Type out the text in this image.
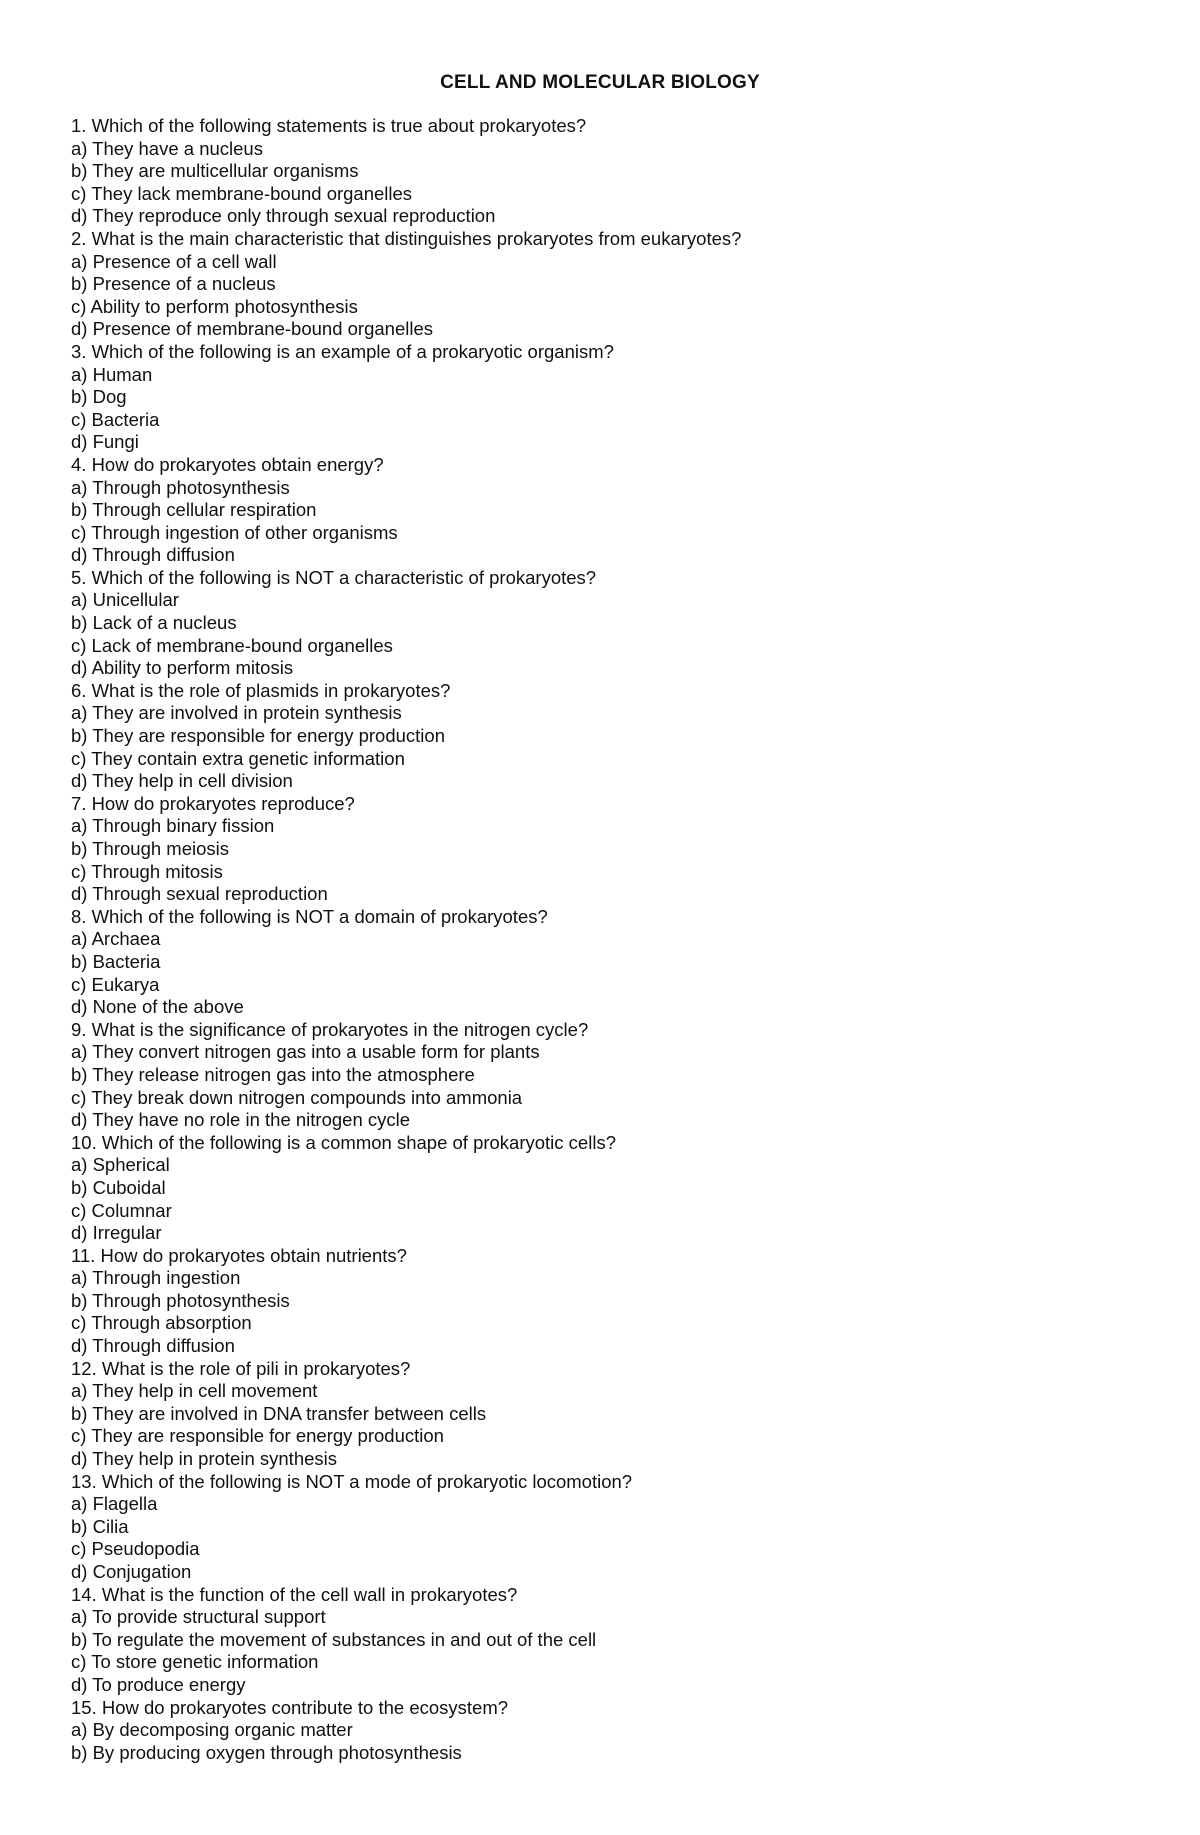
CELL AND MOLECULAR BIOLOGY
1. Which of the following statements is true about prokaryotes?
a) They have a nucleus
b) They are multicellular organisms
c) They lack membrane-bound organelles
d) They reproduce only through sexual reproduction
2. What is the main characteristic that distinguishes prokaryotes from eukaryotes?
a) Presence of a cell wall
b) Presence of a nucleus
c) Ability to perform photosynthesis
d) Presence of membrane-bound organelles
3. Which of the following is an example of a prokaryotic organism?
a) Human
b) Dog
c) Bacteria
d) Fungi
4. How do prokaryotes obtain energy?
a) Through photosynthesis
b) Through cellular respiration
c) Through ingestion of other organisms
d) Through diffusion
5. Which of the following is NOT a characteristic of prokaryotes?
a) Unicellular
b) Lack of a nucleus
c) Lack of membrane-bound organelles
d) Ability to perform mitosis
6. What is the role of plasmids in prokaryotes?
a) They are involved in protein synthesis
b) They are responsible for energy production
c) They contain extra genetic information
d) They help in cell division
7. How do prokaryotes reproduce?
a) Through binary fission
b) Through meiosis
c) Through mitosis
d) Through sexual reproduction
8. Which of the following is NOT a domain of prokaryotes?
a) Archaea
b) Bacteria
c) Eukarya
d) None of the above
9. What is the significance of prokaryotes in the nitrogen cycle?
a) They convert nitrogen gas into a usable form for plants
b) They release nitrogen gas into the atmosphere
c) They break down nitrogen compounds into ammonia
d) They have no role in the nitrogen cycle
10. Which of the following is a common shape of prokaryotic cells?
a) Spherical
b) Cuboidal
c) Columnar
d) Irregular
11. How do prokaryotes obtain nutrients?
a) Through ingestion
b) Through photosynthesis
c) Through absorption
d) Through diffusion
12. What is the role of pili in prokaryotes?
a) They help in cell movement
b) They are involved in DNA transfer between cells
c) They are responsible for energy production
d) They help in protein synthesis
13. Which of the following is NOT a mode of prokaryotic locomotion?
a) Flagella
b) Cilia
c) Pseudopodia
d) Conjugation
14. What is the function of the cell wall in prokaryotes?
a) To provide structural support
b) To regulate the movement of substances in and out of the cell
c) To store genetic information
d) To produce energy
15. How do prokaryotes contribute to the ecosystem?
a) By decomposing organic matter
b) By producing oxygen through photosynthesis
